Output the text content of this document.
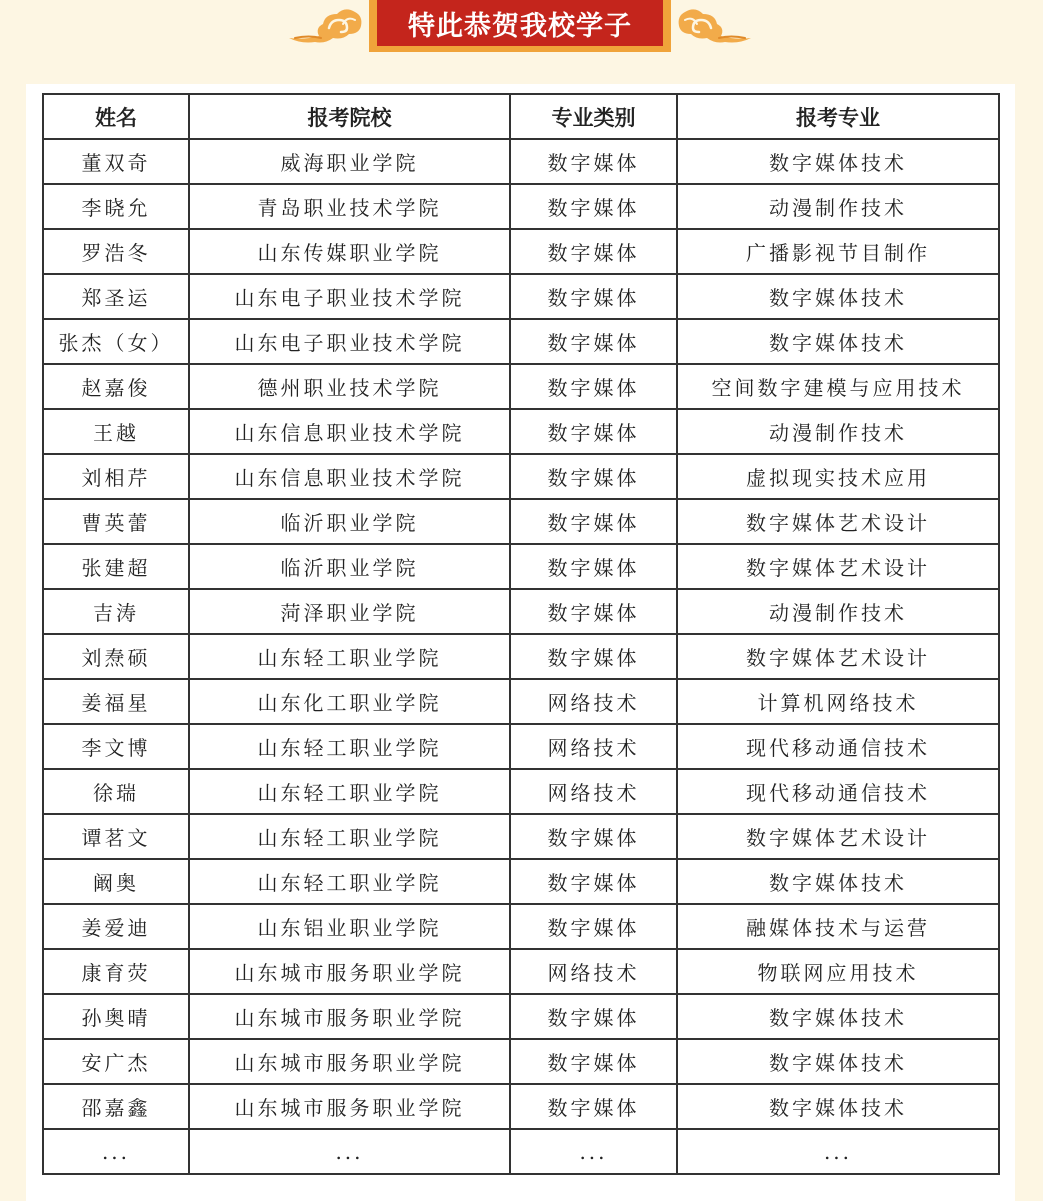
特此恭贺我校学子
姓名	报考院校	专业类别	报考专业
董双奇	威海职业学院	数字媒体	数字媒体技术
李晓允	青岛职业技术学院	数字媒体	动漫制作技术
罗浩冬	山东传媒职业学院	数字媒体	广播影视节目制作
郑圣运	山东电子职业技术学院	数字媒体	数字媒体技术
张杰（女）	山东电子职业技术学院	数字媒体	数字媒体技术
赵嘉俊	德州职业技术学院	数字媒体	空间数字建模与应用技术
王越	山东信息职业技术学院	数字媒体	动漫制作技术
刘相芹	山东信息职业技术学院	数字媒体	虚拟现实技术应用
曹英蕾	临沂职业学院	数字媒体	数字媒体艺术设计
张建超	临沂职业学院	数字媒体	数字媒体艺术设计
吉涛	菏泽职业学院	数字媒体	动漫制作技术
刘焘硕	山东轻工职业学院	数字媒体	数字媒体艺术设计
姜福星	山东化工职业学院	网络技术	计算机网络技术
李文博	山东轻工职业学院	网络技术	现代移动通信技术
徐瑞	山东轻工职业学院	网络技术	现代移动通信技术
谭茗文	山东轻工职业学院	数字媒体	数字媒体艺术设计
阚奥	山东轻工职业学院	数字媒体	数字媒体技术
姜爱迪	山东铝业职业学院	数字媒体	融媒体技术与运营
康育荧	山东城市服务职业学院	网络技术	物联网应用技术
孙奥晴	山东城市服务职业学院	数字媒体	数字媒体技术
安广杰	山东城市服务职业学院	数字媒体	数字媒体技术
邵嘉鑫	山东城市服务职业学院	数字媒体	数字媒体技术
...	...	...	...
